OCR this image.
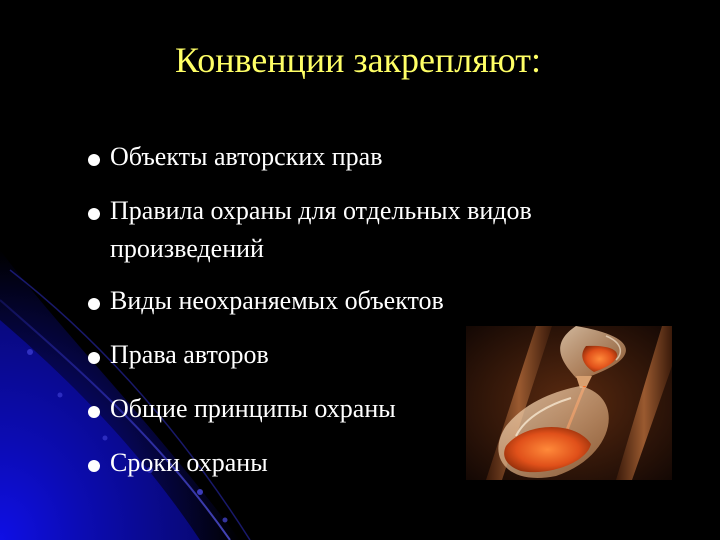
Конвенции закрепляют:
Объекты авторских прав
Правила охраны для отдельных видов произведений
Виды неохраняемых объектов
Права авторов
Общие принципы охраны
Сроки охраны
